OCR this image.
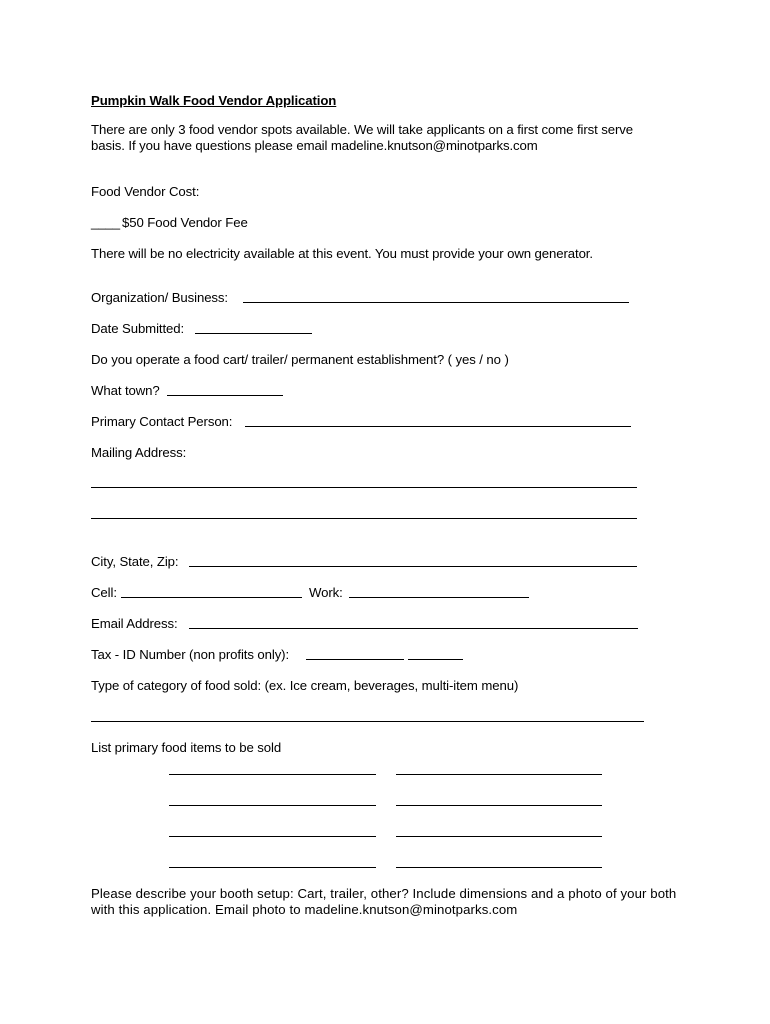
Pumpkin Walk Food Vendor Application
There are only 3 food vendor spots available. We will take applicants on a first come first serve basis. If you have questions please email madeline.knutson@minotparks.com
Food Vendor Cost:
____ $50 Food Vendor Fee
There will be no electricity available at this event. You must provide your own generator.
Organization/ Business:
Date Submitted:
Do you operate a food cart/ trailer/ permanent establishment? ( yes / no )
What town?
Primary Contact Person:
Mailing Address:
City, State, Zip:
Cell:	Work:
Email Address:
Tax - ID Number (non profits only):
Type of category of food sold: (ex. Ice cream, beverages, multi-item menu)
List primary food items to be sold
Please describe your booth setup: Cart, trailer, other? Include dimensions and a photo of your both with this application. Email photo to madeline.knutson@minotparks.com
